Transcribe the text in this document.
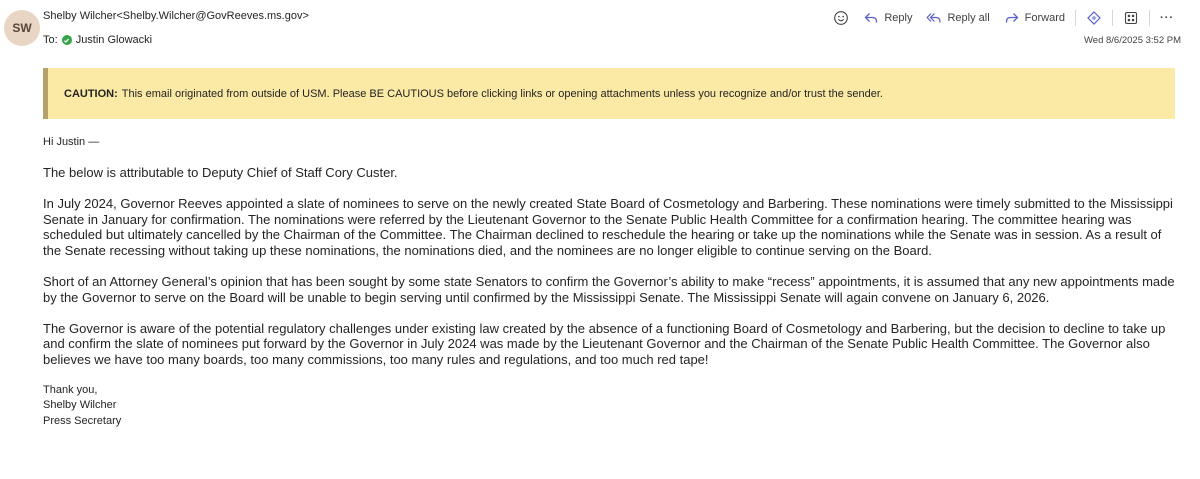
SW
Shelby Wilcher<Shelby.Wilcher@GovReeves.ms.gov>
To: Justin Glowacki
Reply	Reply all	Forward	···
Wed 8/6/2025 3:52 PM
CAUTION: This email originated from outside of USM. Please BE CAUTIOUS before clicking links or opening attachments unless you recognize and/or trust the sender.

Hi Justin —

The below is attributable to Deputy Chief of Staff Cory Custer.

In July 2024, Governor Reeves appointed a slate of nominees to serve on the newly created State Board of Cosmetology and Barbering. These nominations were timely submitted to the Mississippi Senate in January for confirmation. The nominations were referred by the Lieutenant Governor to the Senate Public Health Committee for a confirmation hearing. The committee hearing was scheduled but ultimately cancelled by the Chairman of the Committee. The Chairman declined to reschedule the hearing or take up the nominations while the Senate was in session. As a result of the Senate recessing without taking up these nominations, the nominations died, and the nominees are no longer eligible to continue serving on the Board.

Short of an Attorney General’s opinion that has been sought by some state Senators to confirm the Governor’s ability to make “recess” appointments, it is assumed that any new appointments made by the Governor to serve on the Board will be unable to begin serving until confirmed by the Mississippi Senate. The Mississippi Senate will again convene on January 6, 2026.

The Governor is aware of the potential regulatory challenges under existing law created by the absence of a functioning Board of Cosmetology and Barbering, but the decision to decline to take up and confirm the slate of nominees put forward by the Governor in July 2024 was made by the Lieutenant Governor and the Chairman of the Senate Public Health Committee. The Governor also believes we have too many boards, too many commissions, too many rules and regulations, and too much red tape!

Thank you,

Shelby Wilcher

Press Secretary
